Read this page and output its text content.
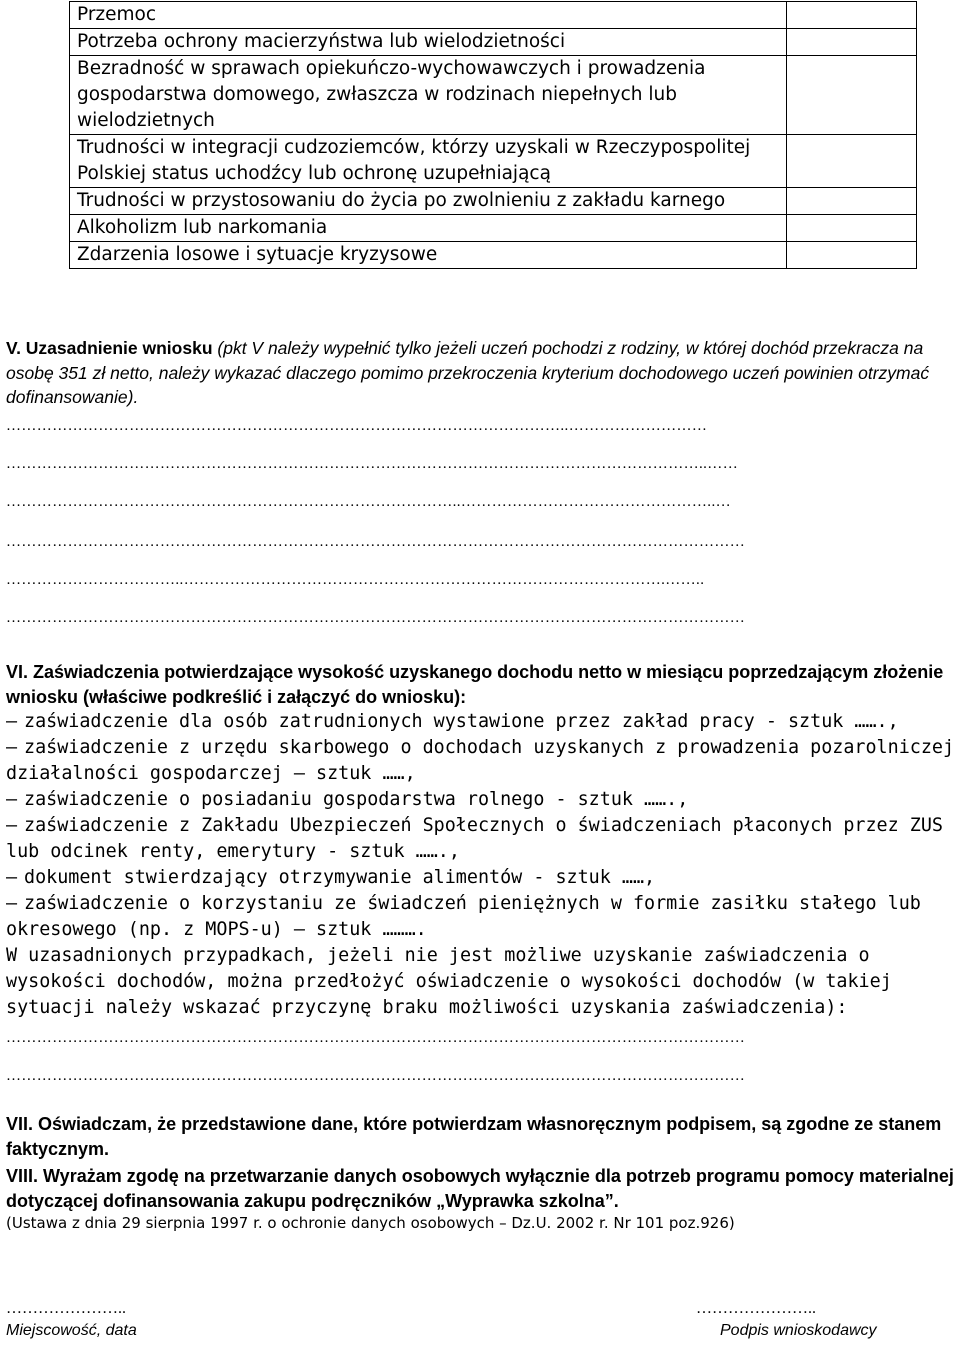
Przemoc	
Potrzeba ochrony macierzyństwa lub wielodzietności	
Bezradność w sprawach opiekuńczo-wychowawczych i prowadzenia gospodarstwa domowego, zwłaszcza w rodzinach niepełnych lub wielodzietnych	
Trudności w integracji cudzoziemców, którzy uzyskali w Rzeczypospolitej Polskiej status uchodźcy lub ochronę uzupełniającą	
Trudności w przystosowaniu do życia po zwolnieniu z zakładu karnego	
Alkoholizm lub narkomania	
Zdarzenia losowe i sytuacje kryzysowe	
V. Uzasadnienie wniosku (pkt V należy wypełnić tylko jeżeli uczeń pochodzi z rodziny, w której dochód przekracza na osobę 351 zł netto, należy wykazać dlaczego pomimo przekroczenia kryterium dochodowego uczeń powinien otrzymać dofinansowanie).
………………………………………………………………………………………………..………………………
………………………………………………………………………………………………………………………..……
……………………………………………………………………………..…………………………………………..…
………………………………………………………………………………………………………………………………
……………………………..………………………………………………………………………………….……..
………………………………………………………………………………………………………………………………
VI. Zaświadczenia potwierdzające wysokość uzyskanego dochodu netto w miesiącu poprzedzającym złożenie wniosku (właściwe podkreślić i załączyć do wniosku):
– zaświadczenie dla osób zatrudnionych wystawione przez zakład pracy - sztuk …….,
– zaświadczenie z urzędu skarbowego o dochodach uzyskanych z prowadzenia pozarolniczej działalności gospodarczej – sztuk ……,
– zaświadczenie o posiadaniu gospodarstwa rolnego - sztuk …….,
– zaświadczenie z Zakładu Ubezpieczeń Społecznych o świadczeniach płaconych przez ZUS lub odcinek renty, emerytury - sztuk …….,
– dokument stwierdzający otrzymywanie alimentów - sztuk ……,
– zaświadczenie o korzystaniu ze świadczeń pieniężnych w formie zasiłku stałego lub okresowego (np. z MOPS-u) – sztuk ……….
W uzasadnionych przypadkach, jeżeli nie jest możliwe uzyskanie zaświadczenia o wysokości dochodów, można przedłożyć oświadczenie o wysokości dochodów (w takiej sytuacji należy wskazać przyczynę braku możliwości uzyskania zaświadczenia):
………………………………………………………………………………………………………………………………
………………………………………………………………………………………………………………………………
VII. Oświadczam, że przedstawione dane, które potwierdzam własnoręcznym podpisem, są zgodne ze stanem faktycznym.
VIII. Wyrażam zgodę na przetwarzanie danych osobowych wyłącznie dla potrzeb programu pomocy materialnej dotyczącej dofinansowania zakupu podręczników „Wyprawka szkolna”.
(Ustawa z dnia 29 sierpnia 1997 r. o ochronie danych osobowych – Dz.U. 2002 r. Nr 101 poz.926)
…………………..
Miejscowość, data
…………………..
Podpis wnioskodawcy
